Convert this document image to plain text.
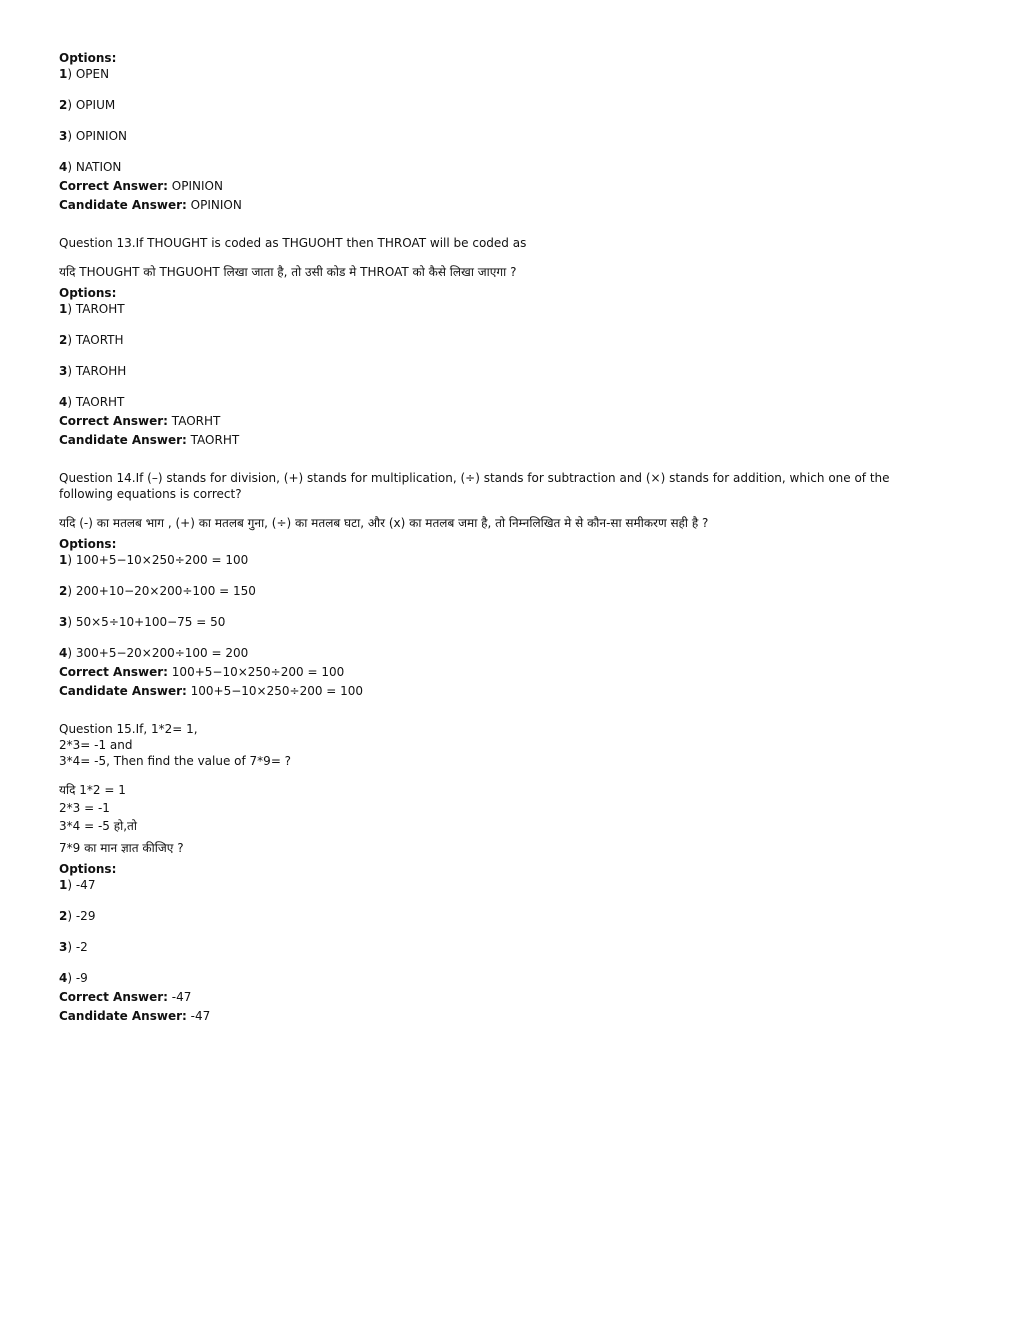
Options:

1) OPEN

2) OPIUM

3) OPINION

4) NATION

Correct Answer: OPINION

Candidate Answer: OPINION

Question 13.If THOUGHT is coded as THGUOHT then THROAT will be coded as

यदि THOUGHT को THGUOHT लिखा जाता है, तो उसी कोड मे THROAT को कैसे लिखा जाएगा ?

Options:

1) TAROHT

2) TAORTH

3) TAROHH

4) TAORHT

Correct Answer: TAORHT

Candidate Answer: TAORHT

Question 14.If (–) stands for division, (+) stands for multiplication, (÷) stands for subtraction and (×) stands for addition, which one of the following equations is correct?

यदि (-) का मतलब भाग , (+) का मतलब गुना, (÷) का मतलब घटा, और (x) का मतलब जमा है, तो निम्नलिखित मे से कौन-सा समीकरण सही है ?

Options:

1) 100+5−10×250÷200 = 100

2) 200+10−20×200÷100 = 150

3) 50×5÷10+100−75 = 50

4) 300+5−20×200÷100 = 200

Correct Answer: 100+5−10×250÷200 = 100

Candidate Answer: 100+5−10×250÷200 = 100

Question 15.If, 1*2= 1,

2*3= -1 and

3*4= -5, Then find the value of 7*9= ?

यदि 1*2 = 1

2*3 = -1

3*4 = -5 हो,तो

7*9 का मान ज्ञात कीजिए ?

Options:

1) -47

2) -29

3) -2

4) -9

Correct Answer: -47

Candidate Answer: -47
